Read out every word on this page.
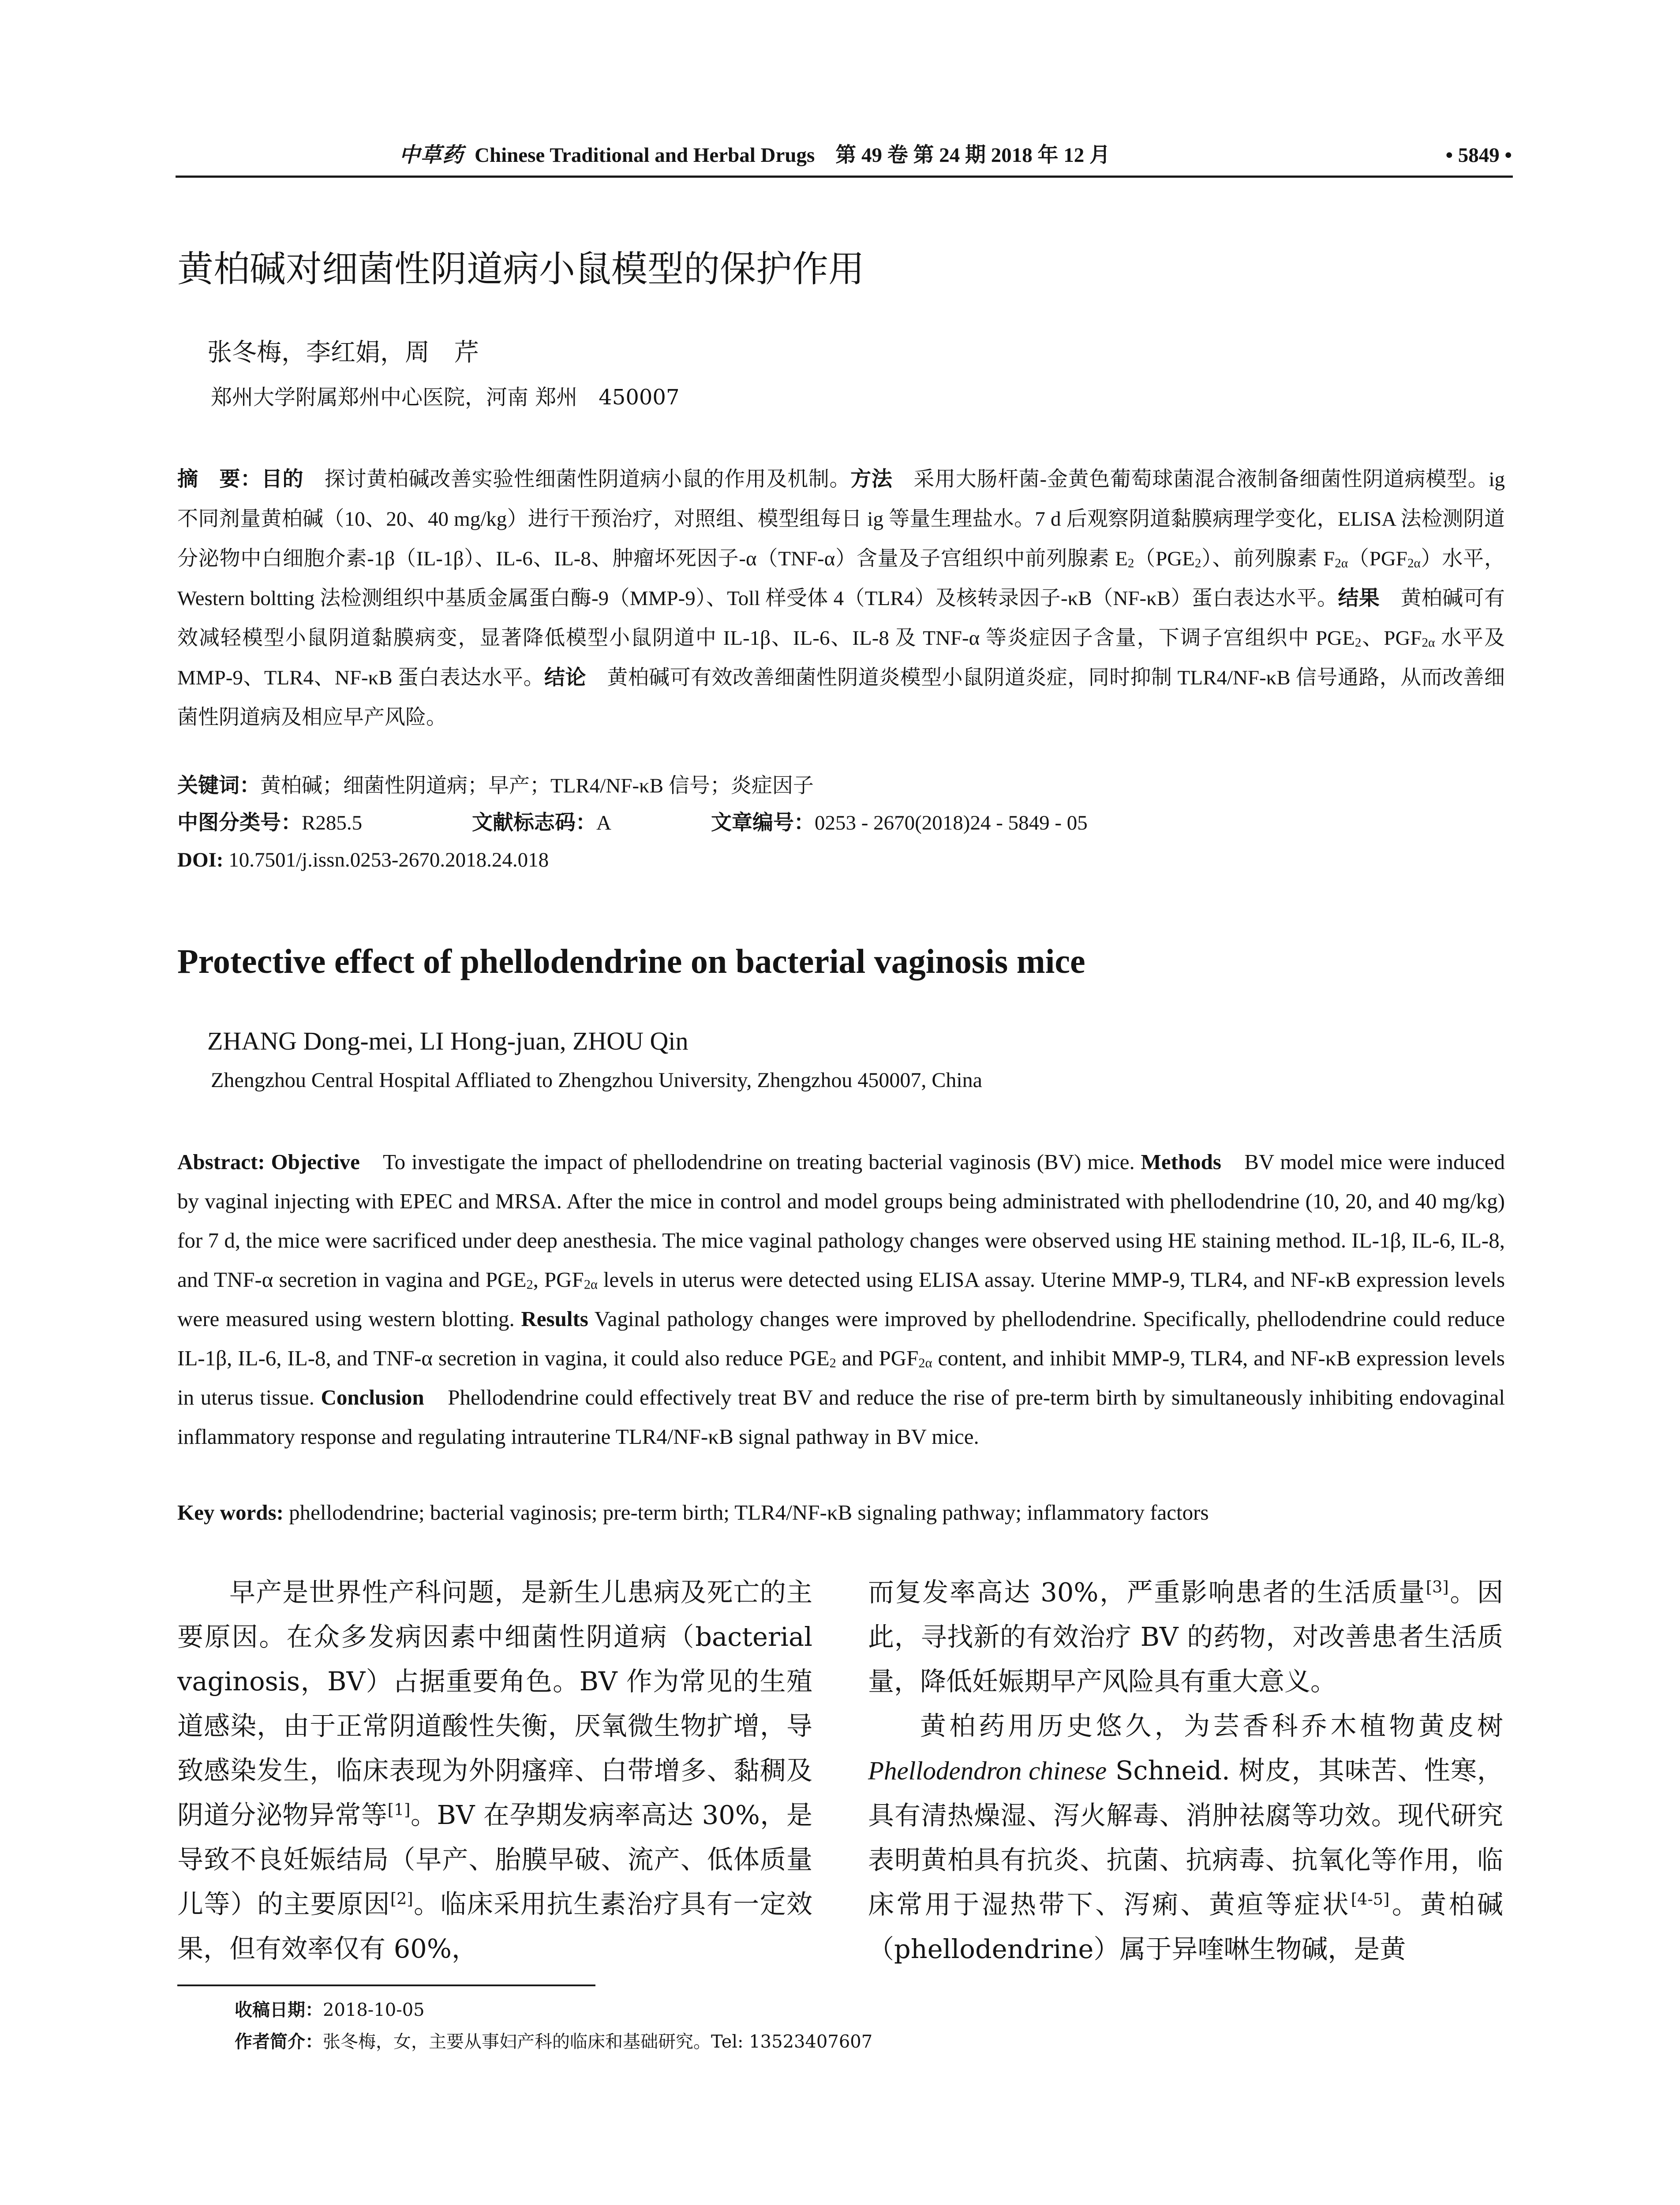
中草药 Chinese Traditional and Herbal Drugs　第 49 卷 第 24 期 2018 年 12 月	• 5849 •
黄柏碱对细菌性阴道病小鼠模型的保护作用
张冬梅，李红娟，周　芹
郑州大学附属郑州中心医院，河南 郑州　450007
摘　要：目的　探讨黄柏碱改善实验性细菌性阴道病小鼠的作用及机制。方法　采用大肠杆菌-金黄色葡萄球菌混合液制备细菌性阴道病模型。ig 不同剂量黄柏碱（10、20、40 mg/kg）进行干预治疗，对照组、模型组每日 ig 等量生理盐水。7 d 后观察阴道黏膜病理学变化，ELISA 法检测阴道分泌物中白细胞介素-1β（IL-1β）、IL-6、IL-8、肿瘤坏死因子-α（TNF-α）含量及子宫组织中前列腺素 $E_2(PGE_2)$、前列腺素 $F_{2\alpha}(PGF_{2\alpha})$水平，Western boltting 法检测组织中基质金属蛋白酶-9（MMP-9）、Toll 样受体 4（TLR4）及核转录因子-κB（NF-κB）蛋白表达水平。结果　黄柏碱可有效减轻模型小鼠阴道黏膜病变，显著降低模型小鼠阴道中 IL-1β、IL-6、IL-8 及 TNF-α 等炎症因子含量，下调子宫组织中 $PGE_2$、$PGF_{2\alpha}$ 水平及 MMP-9、TLR4、NF-κB 蛋白表达水平。结论　黄柏碱可有效改善细菌性阴道炎模型小鼠阴道炎症，同时抑制 TLR4/NF-κB 信号通路，从而改善细菌性阴道病及相应早产风险。
关键词：黄柏碱；细菌性阴道病；早产；TLR4/NF-κB 信号；炎症因子
中图分类号：R285.5	文献标志码：A	文章编号：0253 - 2670(2018)24 - 5849 - 05
DOI: 10.7501/j.issn.0253-2670.2018.24.018
Protective effect of phellodendrine on bacterial vaginosis mice
ZHANG Dong-mei, LI Hong-juan, ZHOU Qin
Zhengzhou Central Hospital Affliated to Zhengzhou University, Zhengzhou 450007, China
Abstract: Objective　To investigate the impact of phellodendrine on treating bacterial vaginosis (BV) mice. Methods　BV model mice were induced by vaginal injecting with EPEC and MRSA. After the mice in control and model groups being administrated with phellodendrine (10, 20, and 40 mg/kg) for 7 d, the mice were sacrificed under deep anesthesia. The mice vaginal pathology changes were observed using HE staining method. IL-1β, IL-6, IL-8, and TNF-α secretion in vagina and $PGE_2$, $PGF_{2\alpha}$ levels in uterus were detected using ELISA assay. Uterine MMP-9, TLR4, and NF-κB expression levels were measured using western blotting. Results Vaginal pathology changes were improved by phellodendrine. Specifically, phellodendrine could reduce IL-1β, IL-6, IL-8, and TNF-α secretion in vagina, it could also reduce $PGE_2$ and $PGF_{2\alpha}$ content, and inhibit MMP-9, TLR4, and NF-κB expression levels in uterus tissue. Conclusion　Phellodendrine could effectively treat BV and reduce the rise of pre-term birth by simultaneously inhibiting endovaginal inflammatory response and regulating intrauterine TLR4/NF-κB signal pathway in BV mice.
Key words: phellodendrine; bacterial vaginosis; pre-term birth; TLR4/NF-κB signaling pathway; inflammatory factors

早产是世界性产科问题，是新生儿患病及死亡的主要原因。在众多发病因素中细菌性阴道病（bacterial vaginosis，BV）占据重要角色。BV 作为常见的生殖道感染，由于正常阴道酸性失衡，厌氧微生物扩增，导致感染发生，临床表现为外阴瘙痒、白带增多、黏稠及阴道分泌物异常等[1]。BV 在孕期发病率高达 30%，是导致不良妊娠结局（早产、胎膜早破、流产、低体质量儿等）的主要原因[2]。临床采用抗生素治疗具有一定效果，但有效率仅有 60%，

而复发率高达 30%，严重影响患者的生活质量[3]。因此，寻找新的有效治疗 BV 的药物，对改善患者生活质量，降低妊娠期早产风险具有重大意义。

黄柏药用历史悠久，为芸香科乔木植物黄皮树 Phellodendron chinese Schneid. 树皮，其味苦、性寒，具有清热燥湿、泻火解毒、消肿祛腐等功效。现代研究表明黄柏具有抗炎、抗菌、抗病毒、抗氧化等作用，临床常用于湿热带下、泻痢、黄疸等症状[4-5]。黄柏碱（phellodendrine）属于异喹啉生物碱，是黄

收稿日期：2018-10-05
作者简介：张冬梅，女，主要从事妇产科的临床和基础研究。Tel: 13523407607
